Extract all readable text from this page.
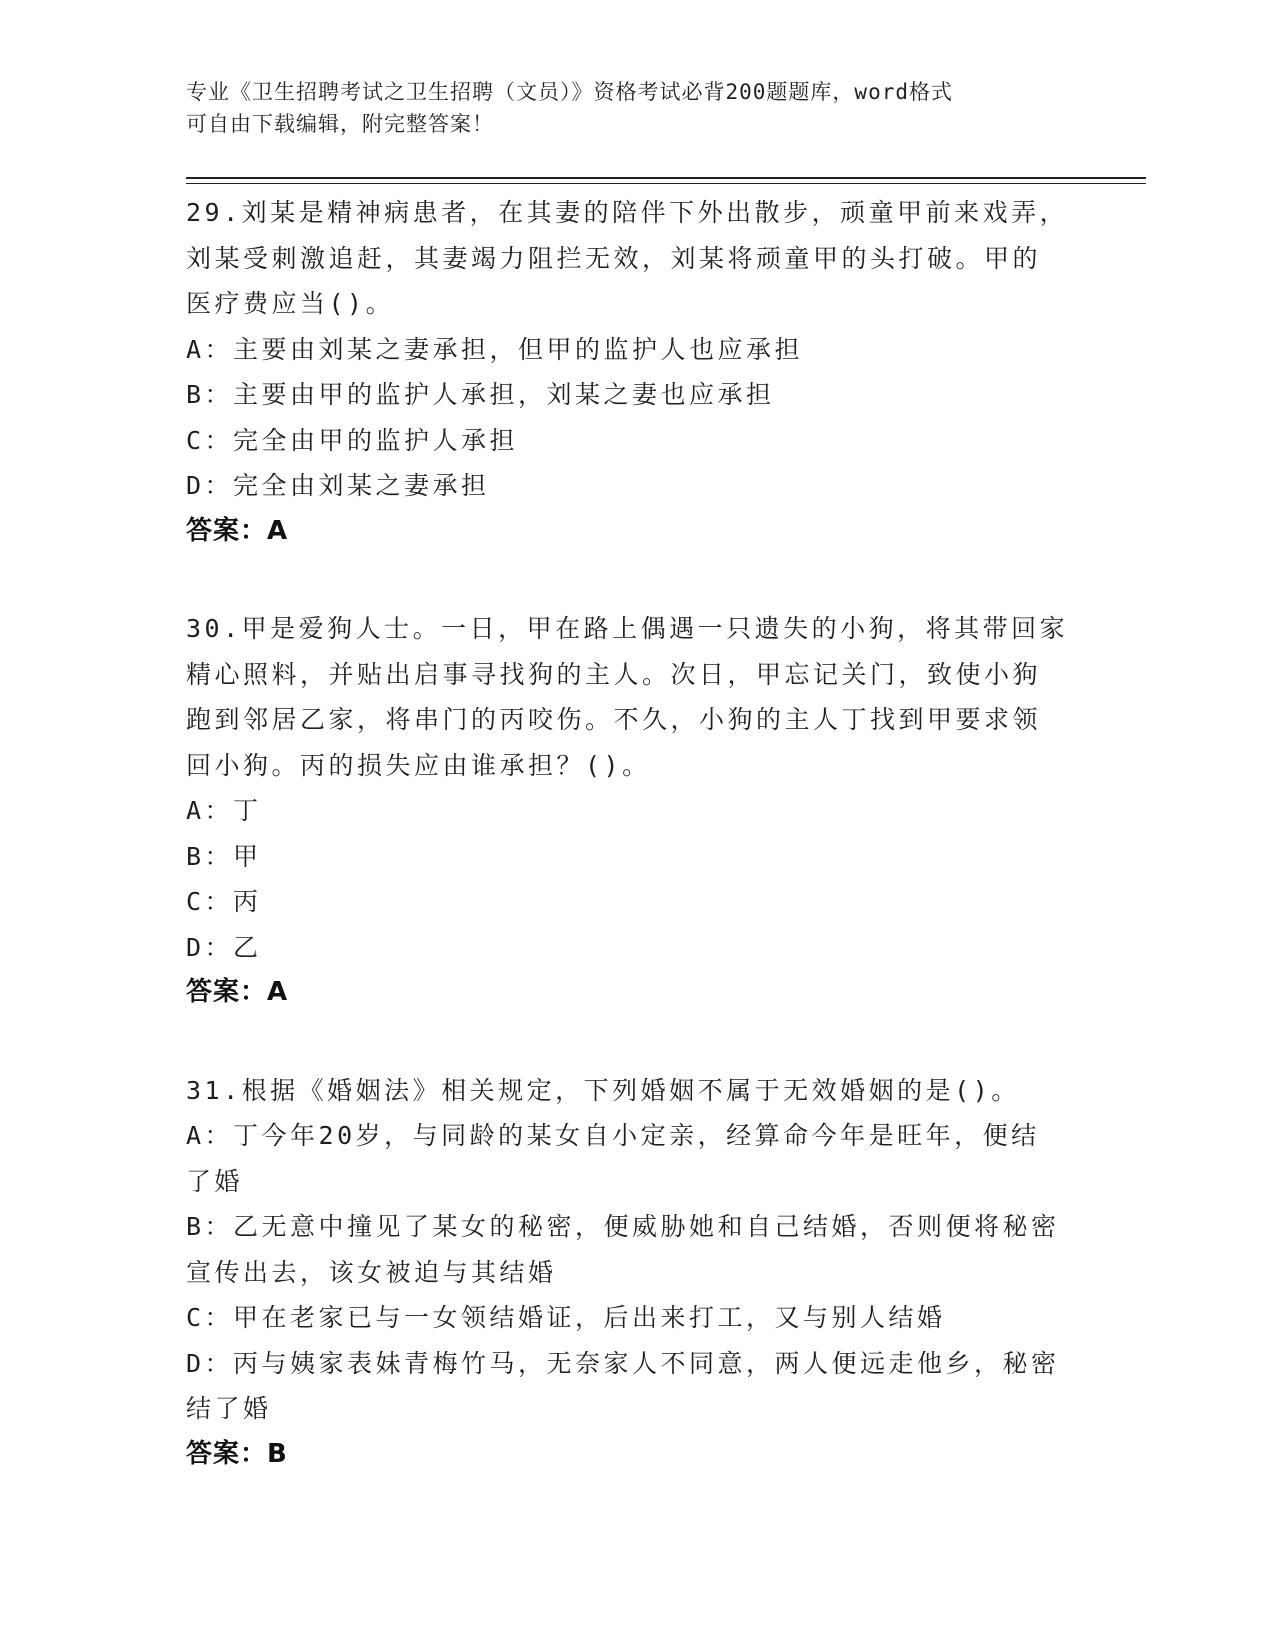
专业《卫生招聘考试之卫生招聘（文员）》资格考试必背200题题库，word格式
可自由下载编辑，附完整答案！
29.刘某是精神病患者，在其妻的陪伴下外出散步，顽童甲前来戏弄，
刘某受刺激追赶，其妻竭力阻拦无效，刘某将顽童甲的头打破。甲的
医疗费应当()。
A：主要由刘某之妻承担，但甲的监护人也应承担
B：主要由甲的监护人承担，刘某之妻也应承担
C：完全由甲的监护人承担
D：完全由刘某之妻承担
答案：A
30.甲是爱狗人士。一日，甲在路上偶遇一只遗失的小狗，将其带回家
精心照料，并贴出启事寻找狗的主人。次日，甲忘记关门，致使小狗
跑到邻居乙家，将串门的丙咬伤。不久，小狗的主人丁找到甲要求领
回小狗。丙的损失应由谁承担？()。
A：丁
B：甲
C：丙
D：乙
答案：A
31.根据《婚姻法》相关规定，下列婚姻不属于无效婚姻的是()。
A：丁今年20岁，与同龄的某女自小定亲，经算命今年是旺年，便结
了婚
B：乙无意中撞见了某女的秘密，便威胁她和自己结婚，否则便将秘密
宣传出去，该女被迫与其结婚
C：甲在老家已与一女领结婚证，后出来打工，又与别人结婚
D：丙与姨家表妹青梅竹马，无奈家人不同意，两人便远走他乡，秘密
结了婚
答案：B
